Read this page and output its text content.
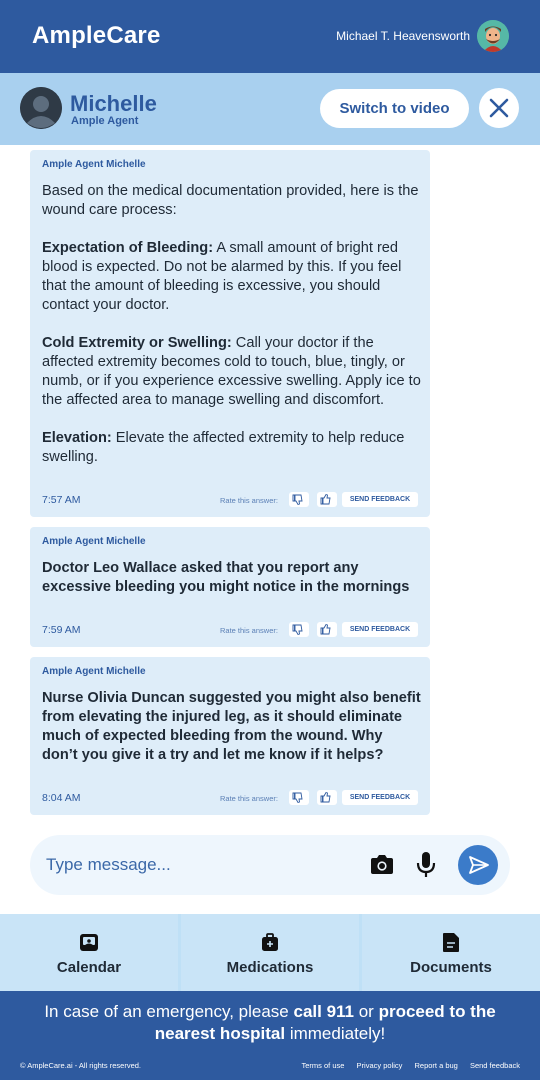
AmpleCare	Michael T. Heavensworth
Michelle
Ample Agent
Switch to video
Ample Agent Michelle

Based on the medical documentation provided, here is the wound care process:

Expectation of Bleeding: A small amount of bright red blood is expected. Do not be alarmed by this. If you feel that the amount of bleeding is excessive, you should contact your doctor.

Cold Extremity or Swelling: Call your doctor if the affected extremity becomes cold to touch, blue, tingly, or numb, or if you experience excessive swelling. Apply ice to the affected area to manage swelling and discomfort.

Elevation: Elevate the affected extremity to help reduce swelling.

7:57 AM	Rate this answer:	SEND FEEDBACK
Ample Agent Michelle
Doctor Leo Wallace asked that you report any excessive bleeding you might notice in the mornings
7:59 AM	Rate this answer:	SEND FEEDBACK
Ample Agent Michelle
Nurse Olivia Duncan suggested you might also benefit from elevating the injured leg, as it should eliminate much of expected bleeding from the wound. Why don’t you give it a try and let me know if it helps?
8:04 AM	Rate this answer:	SEND FEEDBACK
Type message...
Calendar	Medications	Documents
In case of an emergency, please call 911 or proceed to the nearest hospital immediately!
© AmpleCare.ai - All rights reserved.	Terms of use Privacy policy Report a bug Send feedback
